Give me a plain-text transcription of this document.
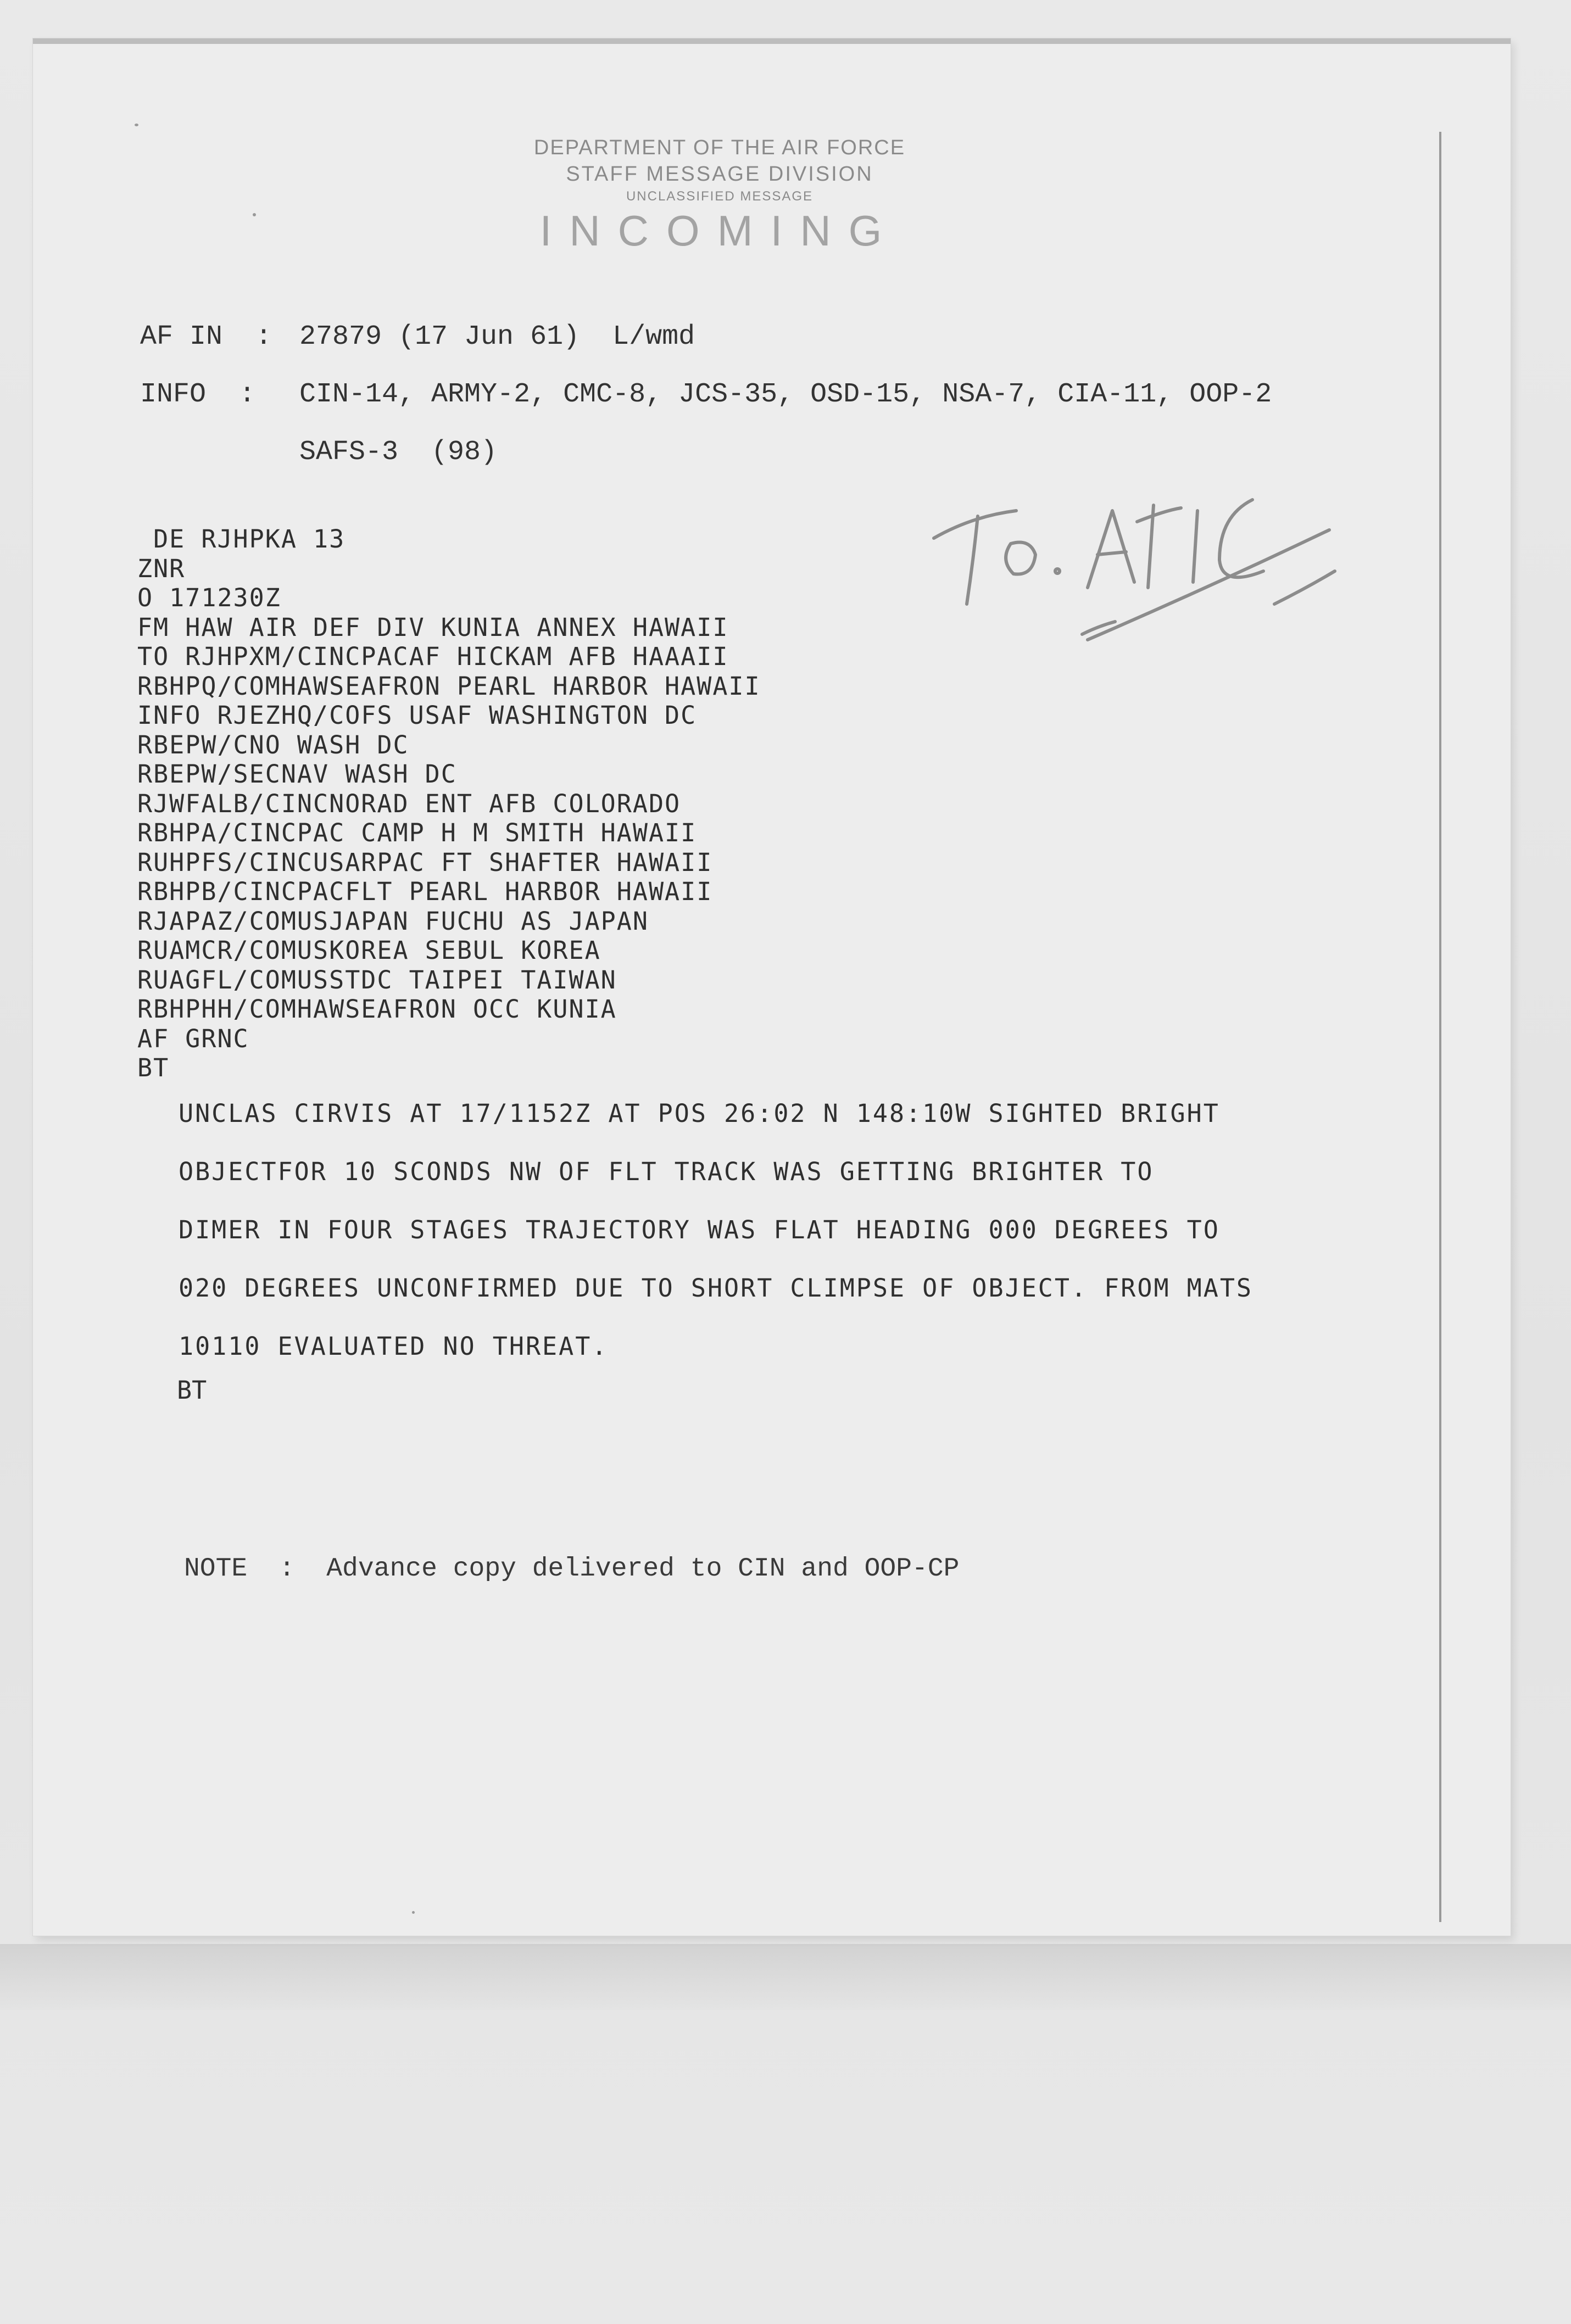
DEPARTMENT OF THE AIR FORCE
STAFF MESSAGE DIVISION
UNCLASSIFIED MESSAGE
INCOMING
AF IN  : 27879 (17 Jun 61)  L/wmd
INFO  : CIN-14, ARMY-2, CMC-8, JCS-35, OSD-15, NSA-7, CIA-11, OOP-2
SAFS-3  (98)
DE RJHPKA 13
ZNR
O 171230Z
FM HAW AIR DEF DIV KUNIA ANNEX HAWAII
TO RJHPXM/CINCPACAF HICKAM AFB HAAAII
RBHPQ/COMHAWSEAFRON PEARL HARBOR HAWAII
INFO RJEZHQ/COFS USAF WASHINGTON DC
RBEPW/CNO WASH DC
RBEPW/SECNAV WASH DC
RJWFALB/CINCNORAD ENT AFB COLORADO
RBHPA/CINCPAC CAMP H M SMITH HAWAII
RUHPFS/CINCUSARPAC FT SHAFTER HAWAII
RBHPB/CINCPACFLT PEARL HARBOR HAWAII
RJAPAZ/COMUSJAPAN FUCHU AS JAPAN
RUAMCR/COMUSKOREA SEBUL KOREA
RUAGFL/COMUSSTDC TAIPEI TAIWAN
RBHPHH/COMHAWSEAFRON OCC KUNIA
AF GRNC
BT
UNCLAS CIRVIS AT 17/1152Z AT POS 26:02 N 148:10W SIGHTED BRIGHT
OBJECTFOR 10 SCONDS NW OF FLT TRACK WAS GETTING BRIGHTER TO
DIMER IN FOUR STAGES TRAJECTORY WAS FLAT HEADING 000 DEGREES TO
020 DEGREES UNCONFIRMED DUE TO SHORT CLIMPSE OF OBJECT. FROM MATS
10110 EVALUATED NO THREAT.
BT
NOTE  : Advance copy delivered to CIN and OOP-CP
